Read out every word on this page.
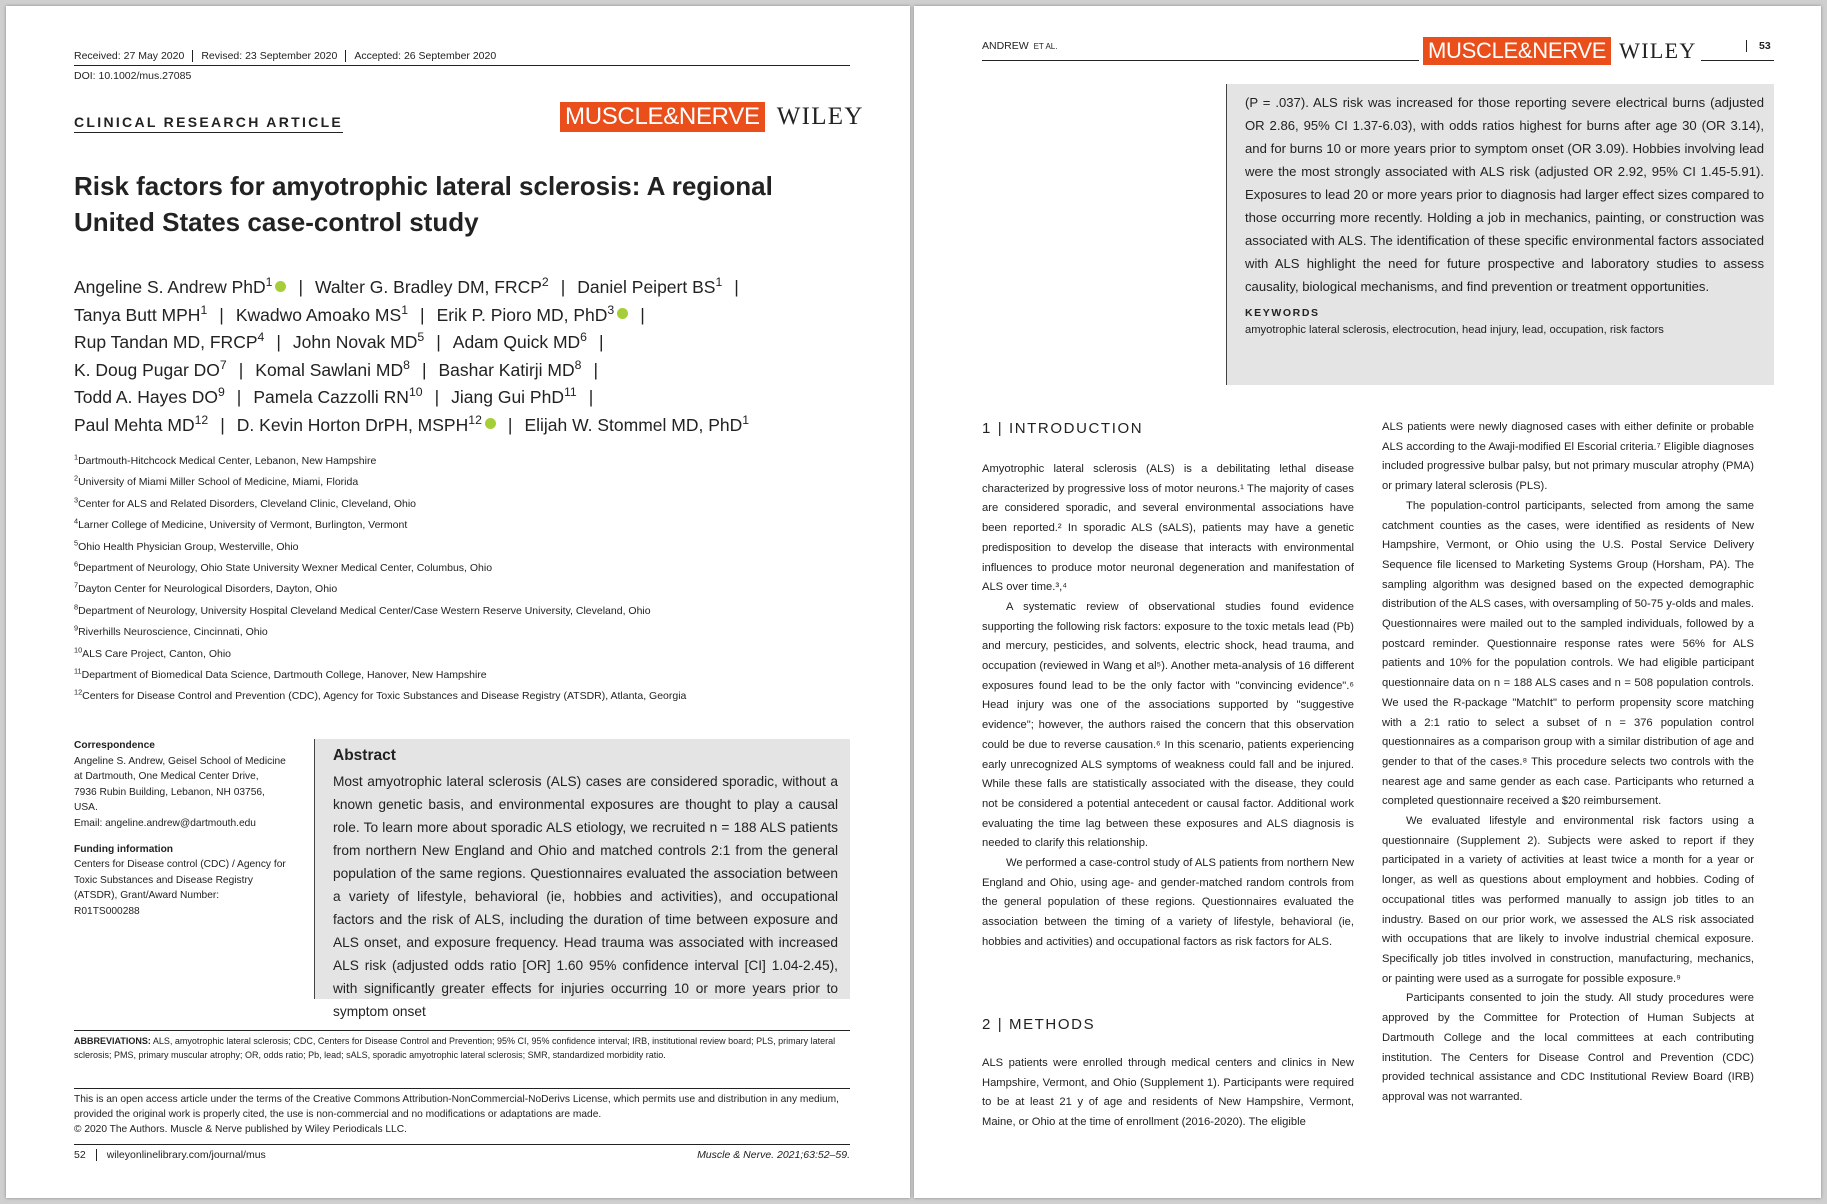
Received: 27 May 2020	Revised: 23 September 2020	Accepted: 26 September 2020
DOI: 10.1002/mus.27085
CLINICAL RESEARCH ARTICLE	MUSCLE&NERVE WILEY
Risk factors for amyotrophic lateral sclerosis: A regional United States case-control study
Angeline S. Andrew PhD$^1$ | Walter G. Bradley DM, FRCP$^2$ | Daniel Peipert $BS^1$ |
Tanya Butt MPH$^1$ | Kwadwo Amoako $MS^1$ | Erik P. Pioro MD, PhD$^3$ |
Rup Tandan MD, FRCP$^4$ | John Novak $MD^5$ | Adam Quick $MD^6$ |
K. Doug Pugar $DO^7$ | Komal Sawlani $MD^8$ | Bashar Katirji $MD^8$ |
Todd A. Hayes $DO^9$ | Pamela Cazzolli RN$^{10}$ | Jiang Gui PhD$^{11}$ |
Paul Mehta MD$^{12}$ | D. Kevin Horton DrPH, MSPH$^{12}$ | Elijah W. Stommel MD, PhD$^1$
$^1$Dartmouth-Hitchcock Medical Center, Lebanon, New Hampshire
$^2$University of Miami Miller School of Medicine, Miami, Florida
$^3$Center for ALS and Related Disorders, Cleveland Clinic, Cleveland, Ohio
$^4$Larner College of Medicine, University of Vermont, Burlington, Vermont
$^5$Ohio Health Physician Group, Westerville, Ohio
$^6$Department of Neurology, Ohio State University Wexner Medical Center, Columbus, Ohio
$^7$Dayton Center for Neurological Disorders, Dayton, Ohio
$^8$Department of Neurology, University Hospital Cleveland Medical Center/Case Western Reserve University, Cleveland, Ohio
$^9$Riverhills Neuroscience, Cincinnati, Ohio
$^{10}$ALS Care Project, Canton, Ohio
$^{11}$Department of Biomedical Data Science, Dartmouth College, Hanover, New Hampshire
$^{12}$Centers for Disease Control and Prevention (CDC), Agency for Toxic Substances and Disease Registry (ATSDR), Atlanta, Georgia
Correspondence
Angeline S. Andrew, Geisel School of Medicine
at Dartmouth, One Medical Center Drive,
7936 Rubin Building, Lebanon, NH 03756,
USA.
Email: angeline.andrew@dartmouth.edu
Funding information
Centers for Disease control (CDC) / Agency for
Toxic Substances and Disease Registry
(ATSDR), Grant/Award Number:
R01TS000288
Abstract
Most amyotrophic lateral sclerosis (ALS) cases are considered sporadic, without a known genetic basis, and environmental exposures are thought to play a causal role. To learn more about sporadic ALS etiology, we recruited n = 188 ALS patients from northern New England and Ohio and matched controls 2:1 from the general population of the same regions. Questionnaires evaluated the association between a variety of lifestyle, behavioral (ie, hobbies and activities), and occupational factors and the risk of ALS, including the duration of time between exposure and ALS onset, and exposure frequency. Head trauma was associated with increased ALS risk (adjusted odds ratio [OR] 1.60 95% confidence interval [CI] 1.04-2.45), with significantly greater effects for injuries occurring 10 or more years prior to symptom onset
ABBREVIATIONS: ALS, amyotrophic lateral sclerosis; CDC, Centers for Disease Control and Prevention; 95% CI, 95% confidence interval; IRB, institutional review board; PLS, primary lateral sclerosis; PMS, primary muscular atrophy; OR, odds ratio; Pb, lead; sALS, sporadic amyotrophic lateral sclerosis; SMR, standardized morbidity ratio.
This is an open access article under the terms of the Creative Commons Attribution-NonCommercial-NoDerivs License, which permits use and distribution in any medium, provided the original work is properly cited, the use is non-commercial and no modifications or adaptations are made.
© 2020 The Authors. Muscle & Nerve published by Wiley Periodicals LLC.
52	wileyonlinelibrary.com/journal/mus	Muscle & Nerve. 2021;63:52–59.
ANDREW ET AL.	MUSCLE&NERVE WILEY	53
(P = .037). ALS risk was increased for those reporting severe electrical burns (adjusted OR 2.86, 95% CI 1.37-6.03), with odds ratios highest for burns after age 30 (OR 3.14), and for burns 10 or more years prior to symptom onset (OR 3.09). Hobbies involving lead were the most strongly associated with ALS risk (adjusted OR 2.92, 95% CI 1.45-5.91). Exposures to lead 20 or more years prior to diagnosis had larger effect sizes compared to those occurring more recently. Holding a job in mechanics, painting, or construction was associated with ALS. The identification of these specific environmental factors associated with ALS highlight the need for future prospective and laboratory studies to assess causality, biological mechanisms, and find prevention or treatment opportunities.
KEYWORDS
amyotrophic lateral sclerosis, electrocution, head injury, lead, occupation, risk factors
1 | INTRODUCTION

Amyotrophic lateral sclerosis (ALS) is a debilitating lethal disease characterized by progressive loss of motor neurons.¹ The majority of cases are considered sporadic, and several environmental associations have been reported.² In sporadic ALS (sALS), patients may have a genetic predisposition to develop the disease that interacts with environmental influences to produce motor neuronal degeneration and manifestation of ALS over time.³,⁴

A systematic review of observational studies found evidence supporting the following risk factors: exposure to the toxic metals lead (Pb) and mercury, pesticides, and solvents, electric shock, head trauma, and occupation (reviewed in Wang et al⁵). Another meta-analysis of 16 different exposures found lead to be the only factor with "convincing evidence".⁶ Head injury was one of the associations supported by "suggestive evidence"; however, the authors raised the concern that this observation could be due to reverse causation.⁶ In this scenario, patients experiencing early unrecognized ALS symptoms of weakness could fall and be injured. While these falls are statistically associated with the disease, they could not be considered a potential antecedent or causal factor. Additional work evaluating the time lag between these exposures and ALS diagnosis is needed to clarify this relationship.

We performed a case-control study of ALS patients from northern New England and Ohio, using age- and gender-matched random controls from the general population of these regions. Questionnaires evaluated the association between the timing of a variety of lifestyle, behavioral (ie, hobbies and activities) and occupational factors as risk factors for ALS.

2 | METHODS

ALS patients were enrolled through medical centers and clinics in New Hampshire, Vermont, and Ohio (Supplement 1). Participants were required to be at least 21 y of age and residents of New Hampshire, Vermont, Maine, or Ohio at the time of enrollment (2016-2020). The eligible

ALS patients were newly diagnosed cases with either definite or probable ALS according to the Awaji-modified El Escorial criteria.⁷ Eligible diagnoses included progressive bulbar palsy, but not primary muscular atrophy (PMA) or primary lateral sclerosis (PLS).

The population-control participants, selected from among the same catchment counties as the cases, were identified as residents of New Hampshire, Vermont, or Ohio using the U.S. Postal Service Delivery Sequence file licensed to Marketing Systems Group (Horsham, PA). The sampling algorithm was designed based on the expected demographic distribution of the ALS cases, with oversampling of 50-75 y-olds and males. Questionnaires were mailed out to the sampled individuals, followed by a postcard reminder. Questionnaire response rates were 56% for ALS patients and 10% for the population controls. We had eligible participant questionnaire data on n = 188 ALS cases and n = 508 population controls. We used the R-package "MatchIt" to perform propensity score matching with a 2:1 ratio to select a subset of n = 376 population control questionnaires as a comparison group with a similar distribution of age and gender to that of the cases.⁸ This procedure selects two controls with the nearest age and same gender as each case. Participants who returned a completed questionnaire received a $20 reimbursement.

We evaluated lifestyle and environmental risk factors using a questionnaire (Supplement 2). Subjects were asked to report if they participated in a variety of activities at least twice a month for a year or longer, as well as questions about employment and hobbies. Coding of occupational titles was performed manually to assign job titles to an industry. Based on our prior work, we assessed the ALS risk associated with occupations that are likely to involve industrial chemical exposure. Specifically job titles involved in construction, manufacturing, mechanics, or painting were used as a surrogate for possible exposure.⁹

Participants consented to join the study. All study procedures were approved by the Committee for Protection of Human Subjects at Dartmouth College and the local committees at each contributing institution. The Centers for Disease Control and Prevention (CDC) provided technical assistance and CDC Institutional Review Board (IRB) approval was not warranted.
